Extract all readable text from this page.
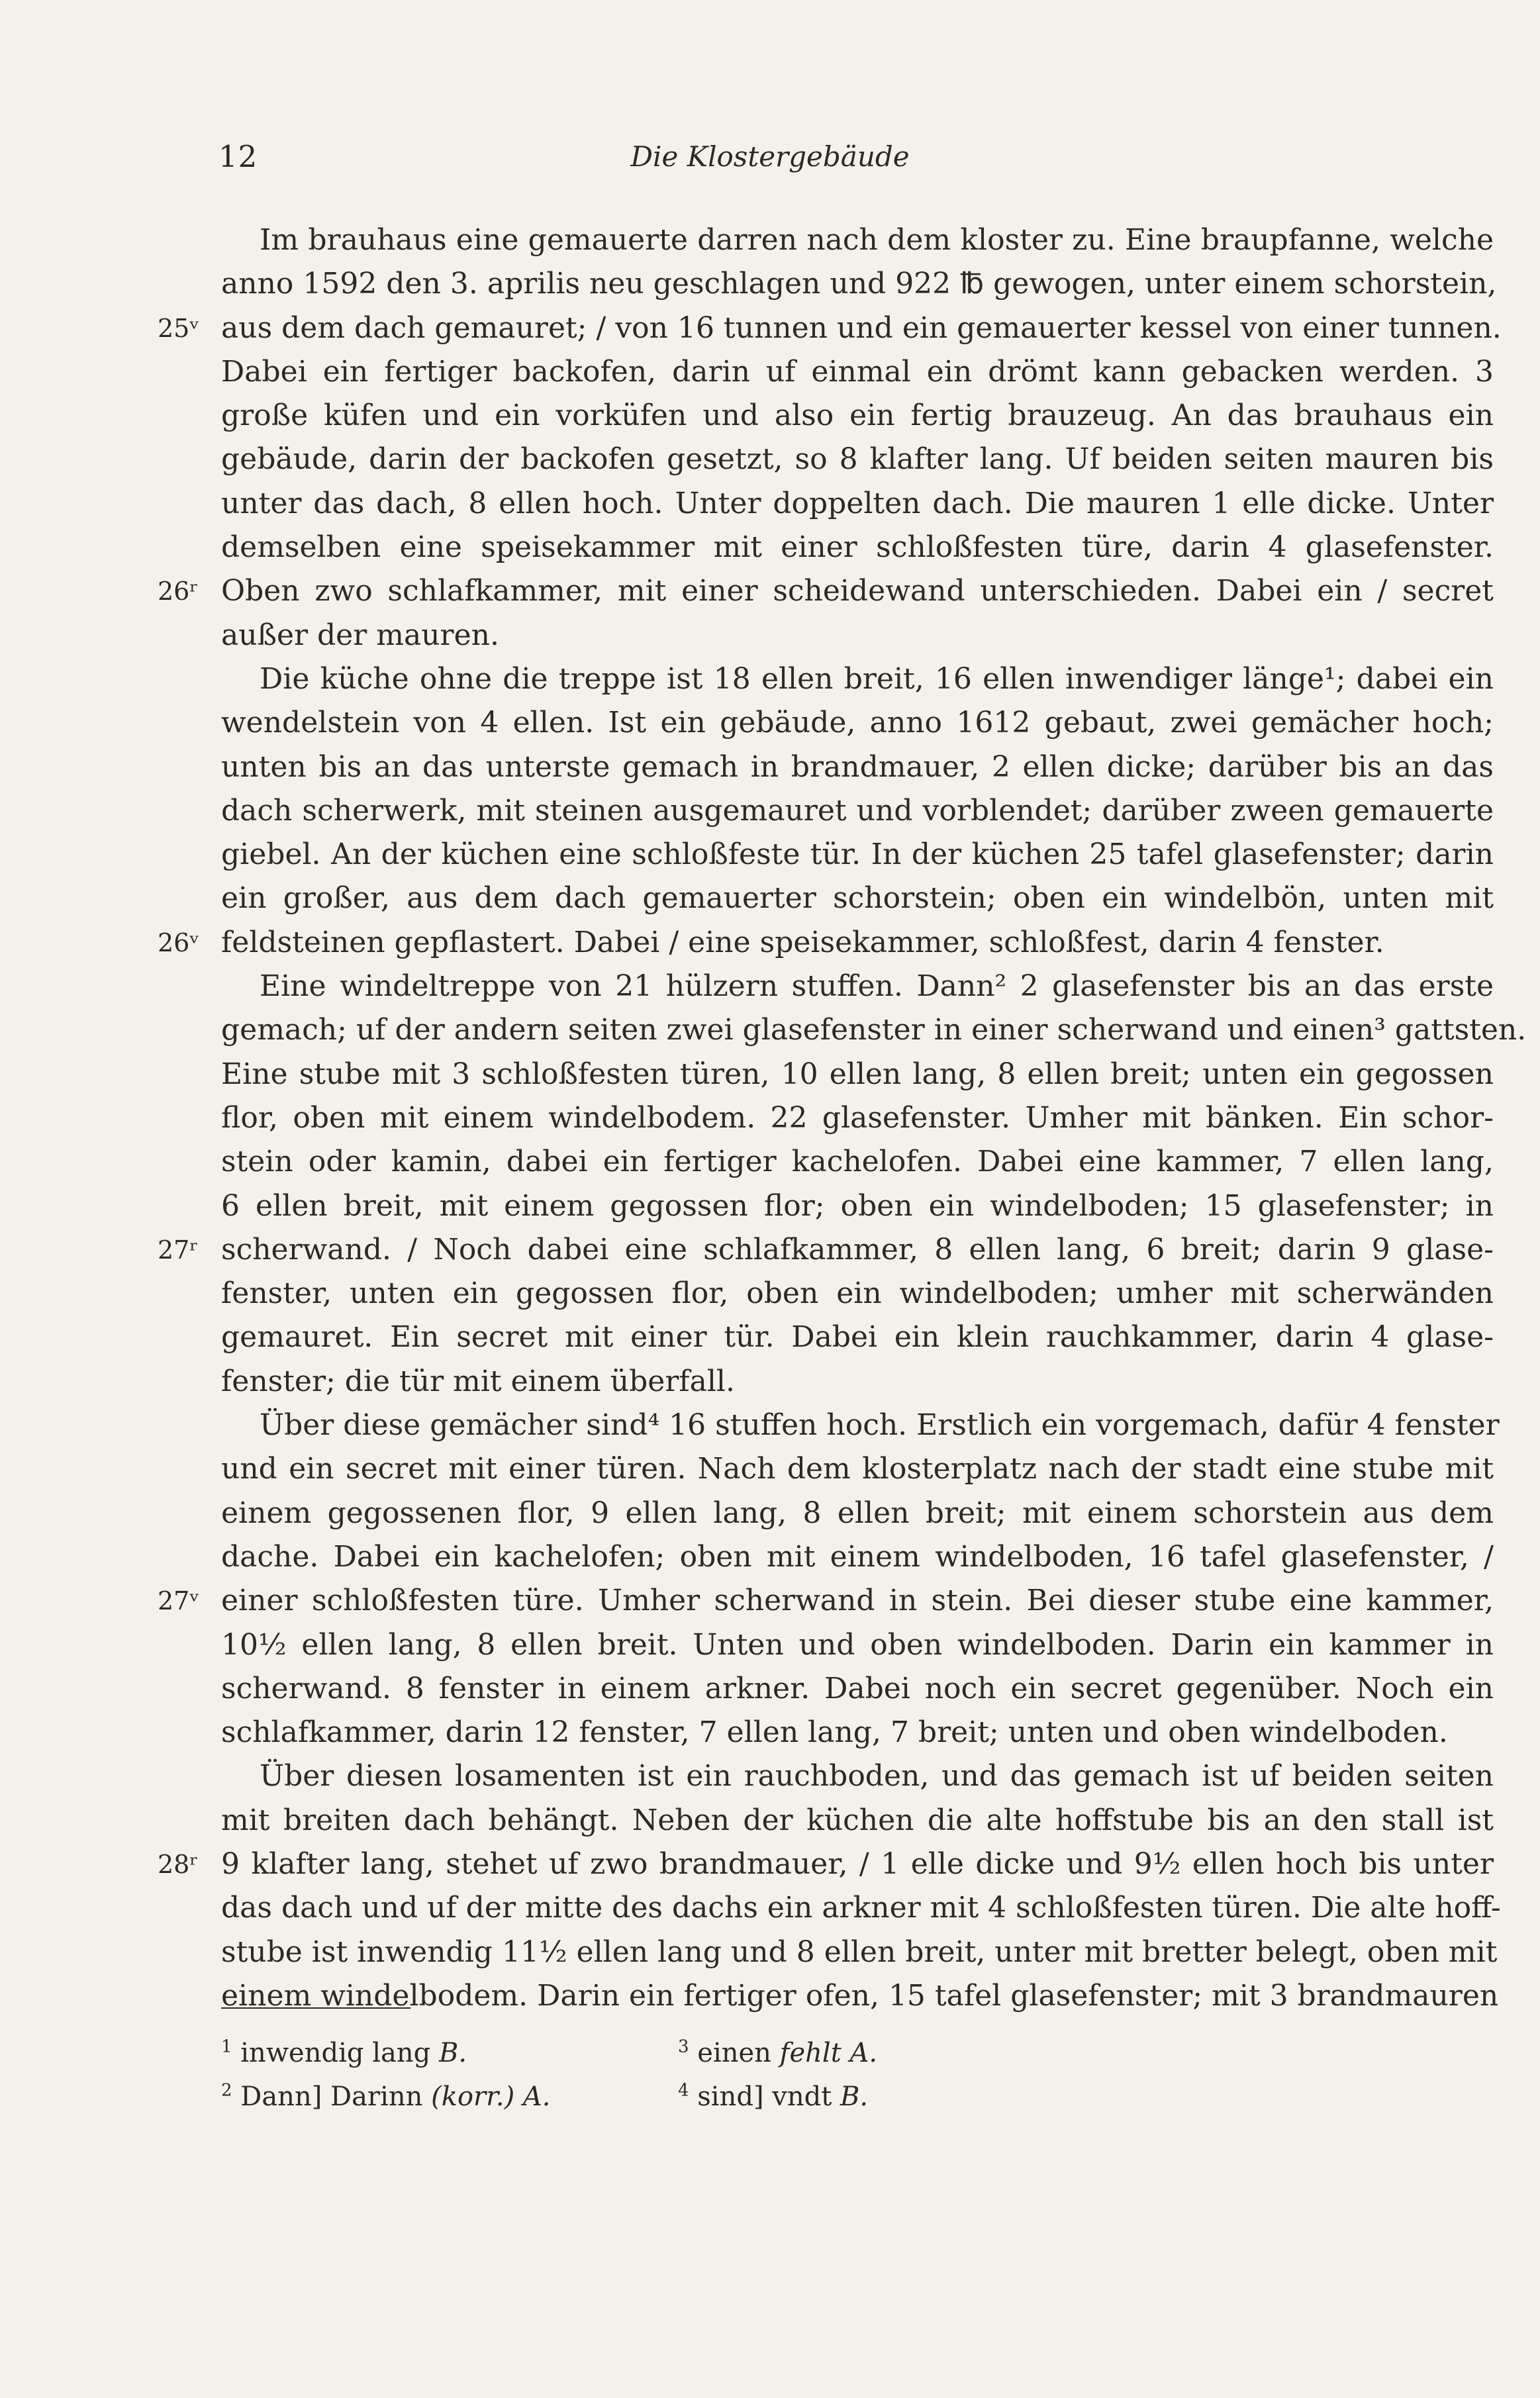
12	Die Klostergebäude
Im brauhaus eine gemauerte darren nach dem kloster zu. Eine braupfanne, welche
anno 1592 den 3. aprilis neu geschlagen und 922 ℔ gewogen, unter einem schorstein,
25ᵛ aus dem dach gemauret; / von 16 tunnen und ein gemauerter kessel von einer tunnen.
Dabei ein fertiger backofen, darin uf einmal ein drömt kann gebacken werden. 3
große küfen und ein vorküfen und also ein fertig brauzeug. An das brauhaus ein
gebäude, darin der backofen gesetzt, so 8 klafter lang. Uf beiden seiten mauren bis
unter das dach, 8 ellen hoch. Unter doppelten dach. Die mauren 1 elle dicke. Unter
demselben eine speisekammer mit einer schloßfesten türe, darin 4 glasefenster.
26ʳ Oben zwo schlafkammer, mit einer scheidewand unterschieden. Dabei ein / secret
außer der mauren.
Die küche ohne die treppe ist 18 ellen breit, 16 ellen inwendiger länge¹; dabei ein
wendelstein von 4 ellen. Ist ein gebäude, anno 1612 gebaut, zwei gemächer hoch;
unten bis an das unterste gemach in brandmauer, 2 ellen dicke; darüber bis an das
dach scherwerk, mit steinen ausgemauret und vorblendet; darüber zween gemauerte
giebel. An der küchen eine schloßfeste tür. In der küchen 25 tafel glasefenster; darin
ein großer, aus dem dach gemauerter schorstein; oben ein windelbön, unten mit
26ᵛ feldsteinen gepflastert. Dabei / eine speisekammer, schloßfest, darin 4 fenster.
Eine windeltreppe von 21 hülzern stuffen. Dann² 2 glasefenster bis an das erste
gemach; uf der andern seiten zwei glasefenster in einer scherwand und einen³ gattsten.
Eine stube mit 3 schloßfesten türen, 10 ellen lang, 8 ellen breit; unten ein gegossen
flor, oben mit einem windelbodem. 22 glasefenster. Umher mit bänken. Ein schor-
stein oder kamin, dabei ein fertiger kachelofen. Dabei eine kammer, 7 ellen lang,
6 ellen breit, mit einem gegossen flor; oben ein windelboden; 15 glasefenster; in
27ʳ scherwand. / Noch dabei eine schlafkammer, 8 ellen lang, 6 breit; darin 9 glase-
fenster, unten ein gegossen flor, oben ein windelboden; umher mit scherwänden
gemauret. Ein secret mit einer tür. Dabei ein klein rauchkammer, darin 4 glase-
fenster; die tür mit einem überfall.
Über diese gemächer sind⁴ 16 stuffen hoch. Erstlich ein vorgemach, dafür 4 fenster
und ein secret mit einer türen. Nach dem klosterplatz nach der stadt eine stube mit
einem gegossenen flor, 9 ellen lang, 8 ellen breit; mit einem schorstein aus dem
dache. Dabei ein kachelofen; oben mit einem windelboden, 16 tafel glasefenster, /
27ᵛ einer schloßfesten türe. Umher scherwand in stein. Bei dieser stube eine kammer,
10½ ellen lang, 8 ellen breit. Unten und oben windelboden. Darin ein kammer in
scherwand. 8 fenster in einem arkner. Dabei noch ein secret gegenüber. Noch ein
schlafkammer, darin 12 fenster, 7 ellen lang, 7 breit; unten und oben windelboden.
Über diesen losamenten ist ein rauchboden, und das gemach ist uf beiden seiten
mit breiten dach behängt. Neben der küchen die alte hoffstube bis an den stall ist
28ʳ 9 klafter lang, stehet uf zwo brandmauer, / 1 elle dicke und 9½ ellen hoch bis unter
das dach und uf der mitte des dachs ein arkner mit 4 schloßfesten türen. Die alte hoff-
stube ist inwendig 11½ ellen lang und 8 ellen breit, unter mit bretter belegt, oben mit
einem windelbodem. Darin ein fertiger ofen, 15 tafel glasefenster; mit 3 brandmauren
$^1$ inwendig lang B.
$^2$ Dann] Darinn (korr.) A.
$^3$ einen fehlt A.
$^4$ sind] vndt B.
